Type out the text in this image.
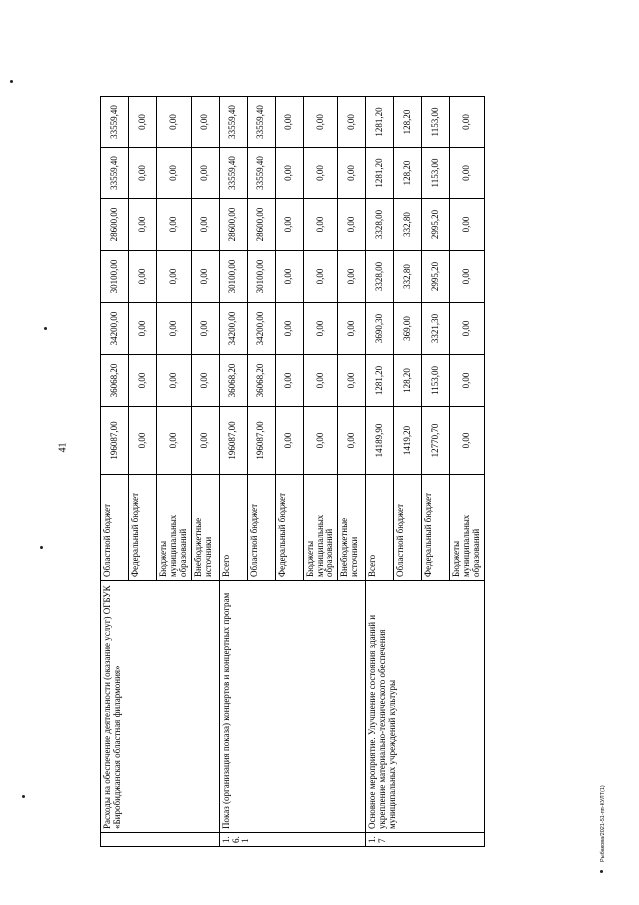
41
	Расходы на обеспечение деятельности (оказание услуг) ОГБУК «Биробиджанская областная филармония»	Областной бюджет	196087,00	36068,20	34200,00	30100,00	28600,00	33559,40	33559,40
		Федеральный бюджет	0,00	0,00	0,00	0,00	0,00	0,00	0,00
		Бюджеты муниципальных образований	0,00	0,00	0,00	0,00	0,00	0,00	0,00
		Внебюджетные источники	0,00	0,00	0,00	0,00	0,00	0,00	0,00
1.6.1	Показ (организация показа) концертов и концертных програм	Всего	196087,00	36068,20	34200,00	30100,00	28600,00	33559,40	33559,40
		Областной бюджет	196087,00	36068,20	34200,00	30100,00	28600,00	33559,40	33559,40
		Федеральный бюджет	0,00	0,00	0,00	0,00	0,00	0,00	0,00
		Бюджеты муниципальных образований	0,00	0,00	0,00	0,00	0,00	0,00	0,00
		Внебюджетные источники	0,00	0,00	0,00	0,00	0,00	0,00	0,00
1.7	Основное мероприятие. Улучшение состояния зданий и укрепление материально-технического обеспечения муниципальных учреждений культуры	Всего	14189,90	1281,20	3690,30	3328,00	3328,00	1281,20	1281,20
		Областной бюджет	1419,20	128,20	369,00	332,80	332,80	128,20	128,20
		Федеральный бюджет	12770,70	1153,00	3321,30	2995,20	2995,20	1153,00	1153,00
		Бюджеты муниципальных образований	0,00	0,00	0,00	0,00	0,00	0,00	0,00
Рыбакова/2021-51-пп-КУЛТ(1)
